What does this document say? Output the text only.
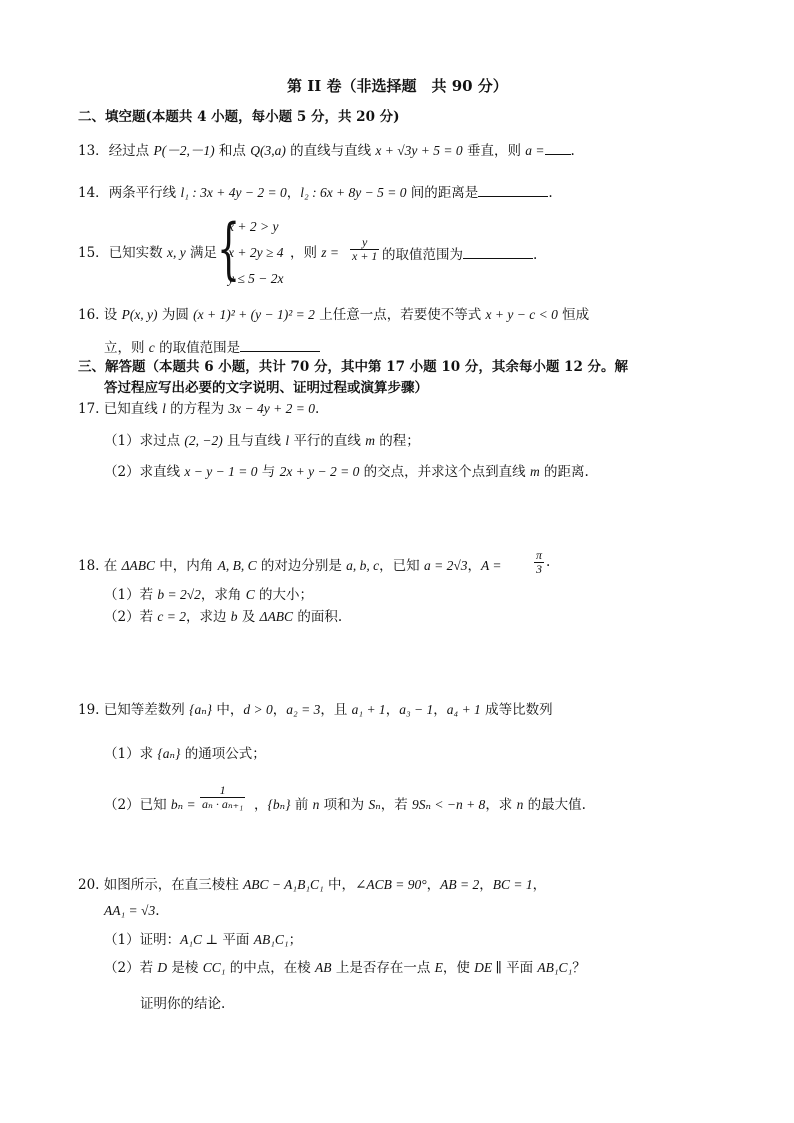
第 II 卷（非选择题　共 90 分）
二、填空题(本题共 4 小题，每小题 5 分，共 20 分)
13．经过点 P(－2,－1) 和点 Q(3,a) 的直线与直线 x + √3y + 5 = 0 垂直，则 a = .
14．两条平行线 l₁ : 3x + 4y − 2 = 0，l₂ : 6x + 8y − 5 = 0 间的距离是	.
15．已知实数 x, y 满足 {
x + 2 > y
x + 2y ≥ 4
y ≤ 5 − 2x
，则 $z = \frac{y}{x + 1}$ 的取值范围为	.
16. 设 P(x, y) 为圆 (x + 1)² + (y − 1)² = 2 上任意一点，若要使不等式 x + y − c < 0 恒成
立，则 c 的取值范围是
三、解答题（本题共 6 小题，共计 70 分，其中第 17 小题 10 分，其余每小题 12 分。解
答过程应写出必要的文字说明、证明过程或演算步骤）
17. 已知直线 l 的方程为 3x − 4y + 2 = 0.
（1）求过点 (2, −2) 且与直线 l 平行的直线 m 的程；
（2）求直线 x − y − 1 = 0 与 2x + y − 2 = 0 的交点，并求这个点到直线 m 的距离.
18. 在 ΔABC 中，内角 A, B, C 的对边分别是 a, b, c，已知 a = 2√3，A =	$\frac{\pi}{3}$ .
（1）若 b = 2√2，求角 C 的大小；
（2）若 c = 2，求边 b 及 ΔABC 的面积.
19. 已知等差数列 {aₙ} 中，d > 0，a₂ = 3，且 a₁ + 1，a₃ − 1，a₄ + 1 成等比数列
（1）求 {aₙ} 的通项公式；
（2）已知 $b_n = \frac{1}{\text{aₙ · aₙ₊₁}}$ ，{bₙ} 前 n 项和为 Sₙ，若 9Sₙ < −n + 8，求 n 的最大值.
20. 如图所示，在直三棱柱 ABC − A₁B₁C₁ 中，∠ACB = 90°，AB = 2，BC = 1，
AA₁ = √3.
（1）证明：A₁C ⊥ 平面 AB₁C₁；
（2）若 D 是棱 CC₁ 的中点，在棱 AB 上是否存在一点 E，使 DE ∥ 平面 AB₁C₁？
证明你的结论.
